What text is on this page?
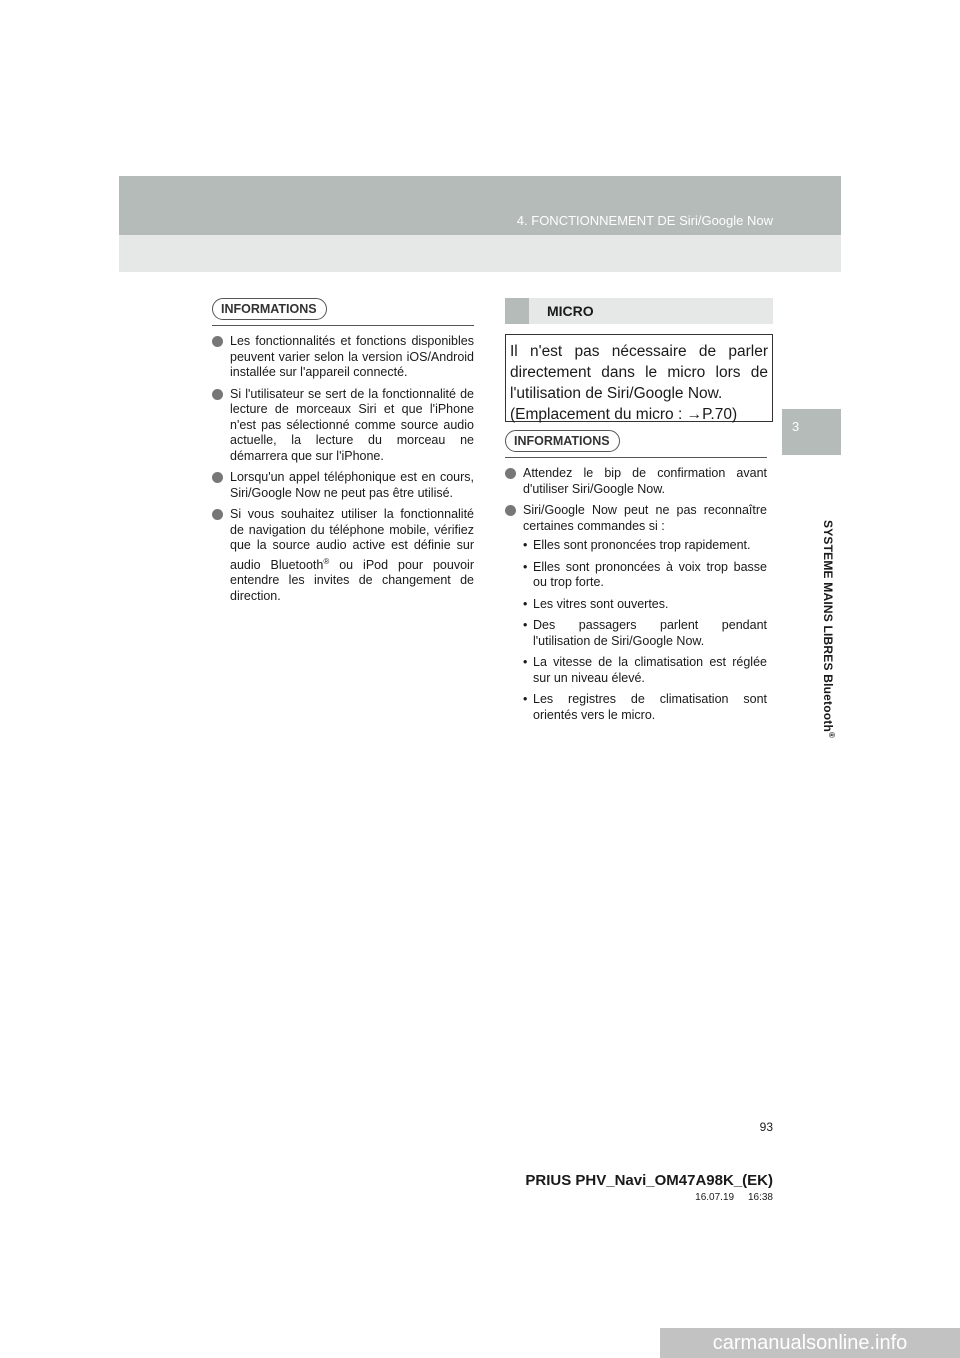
4. FONCTIONNEMENT DE Siri/Google Now
3
SYSTEME MAINS LIBRES Bluetooth®
INFORMATIONS
Les fonctionnalités et fonctions disponibles peuvent varier selon la version iOS/Android installée sur l'appareil connecté.
Si l'utilisateur se sert de la fonctionnalité de lecture de morceaux Siri et que l'iPhone n'est pas sélectionné comme source audio actuelle, la lecture du morceau ne démarrera que sur l'iPhone.
Lorsqu'un appel téléphonique est en cours, Siri/Google Now ne peut pas être utilisé.
Si vous souhaitez utiliser la fonctionnalité de navigation du téléphone mobile, vérifiez que la source audio active est définie sur audio Bluetooth® ou iPod pour pouvoir entendre les invites de changement de direction.
MICRO
Il n'est pas nécessaire de parler directement dans le micro lors de l'utilisation de Siri/Google Now.
(Emplacement du micro : →P.70)
INFORMATIONS
Attendez le bip de confirmation avant d'utiliser Siri/Google Now.
Siri/Google Now peut ne pas reconnaître certaines commandes si :
• Elles sont prononcées trop rapidement.
• Elles sont prononcées à voix trop basse ou trop forte.
• Les vitres sont ouvertes.
• Des passagers parlent pendant l'utilisation de Siri/Google Now.
• La vitesse de la climatisation est réglée sur un niveau élevé.
• Les registres de climatisation sont orientés vers le micro.
93
PRIUS PHV_Navi_OM47A98K_(EK)
16.07.19     16:38
carmanualsonline.info
